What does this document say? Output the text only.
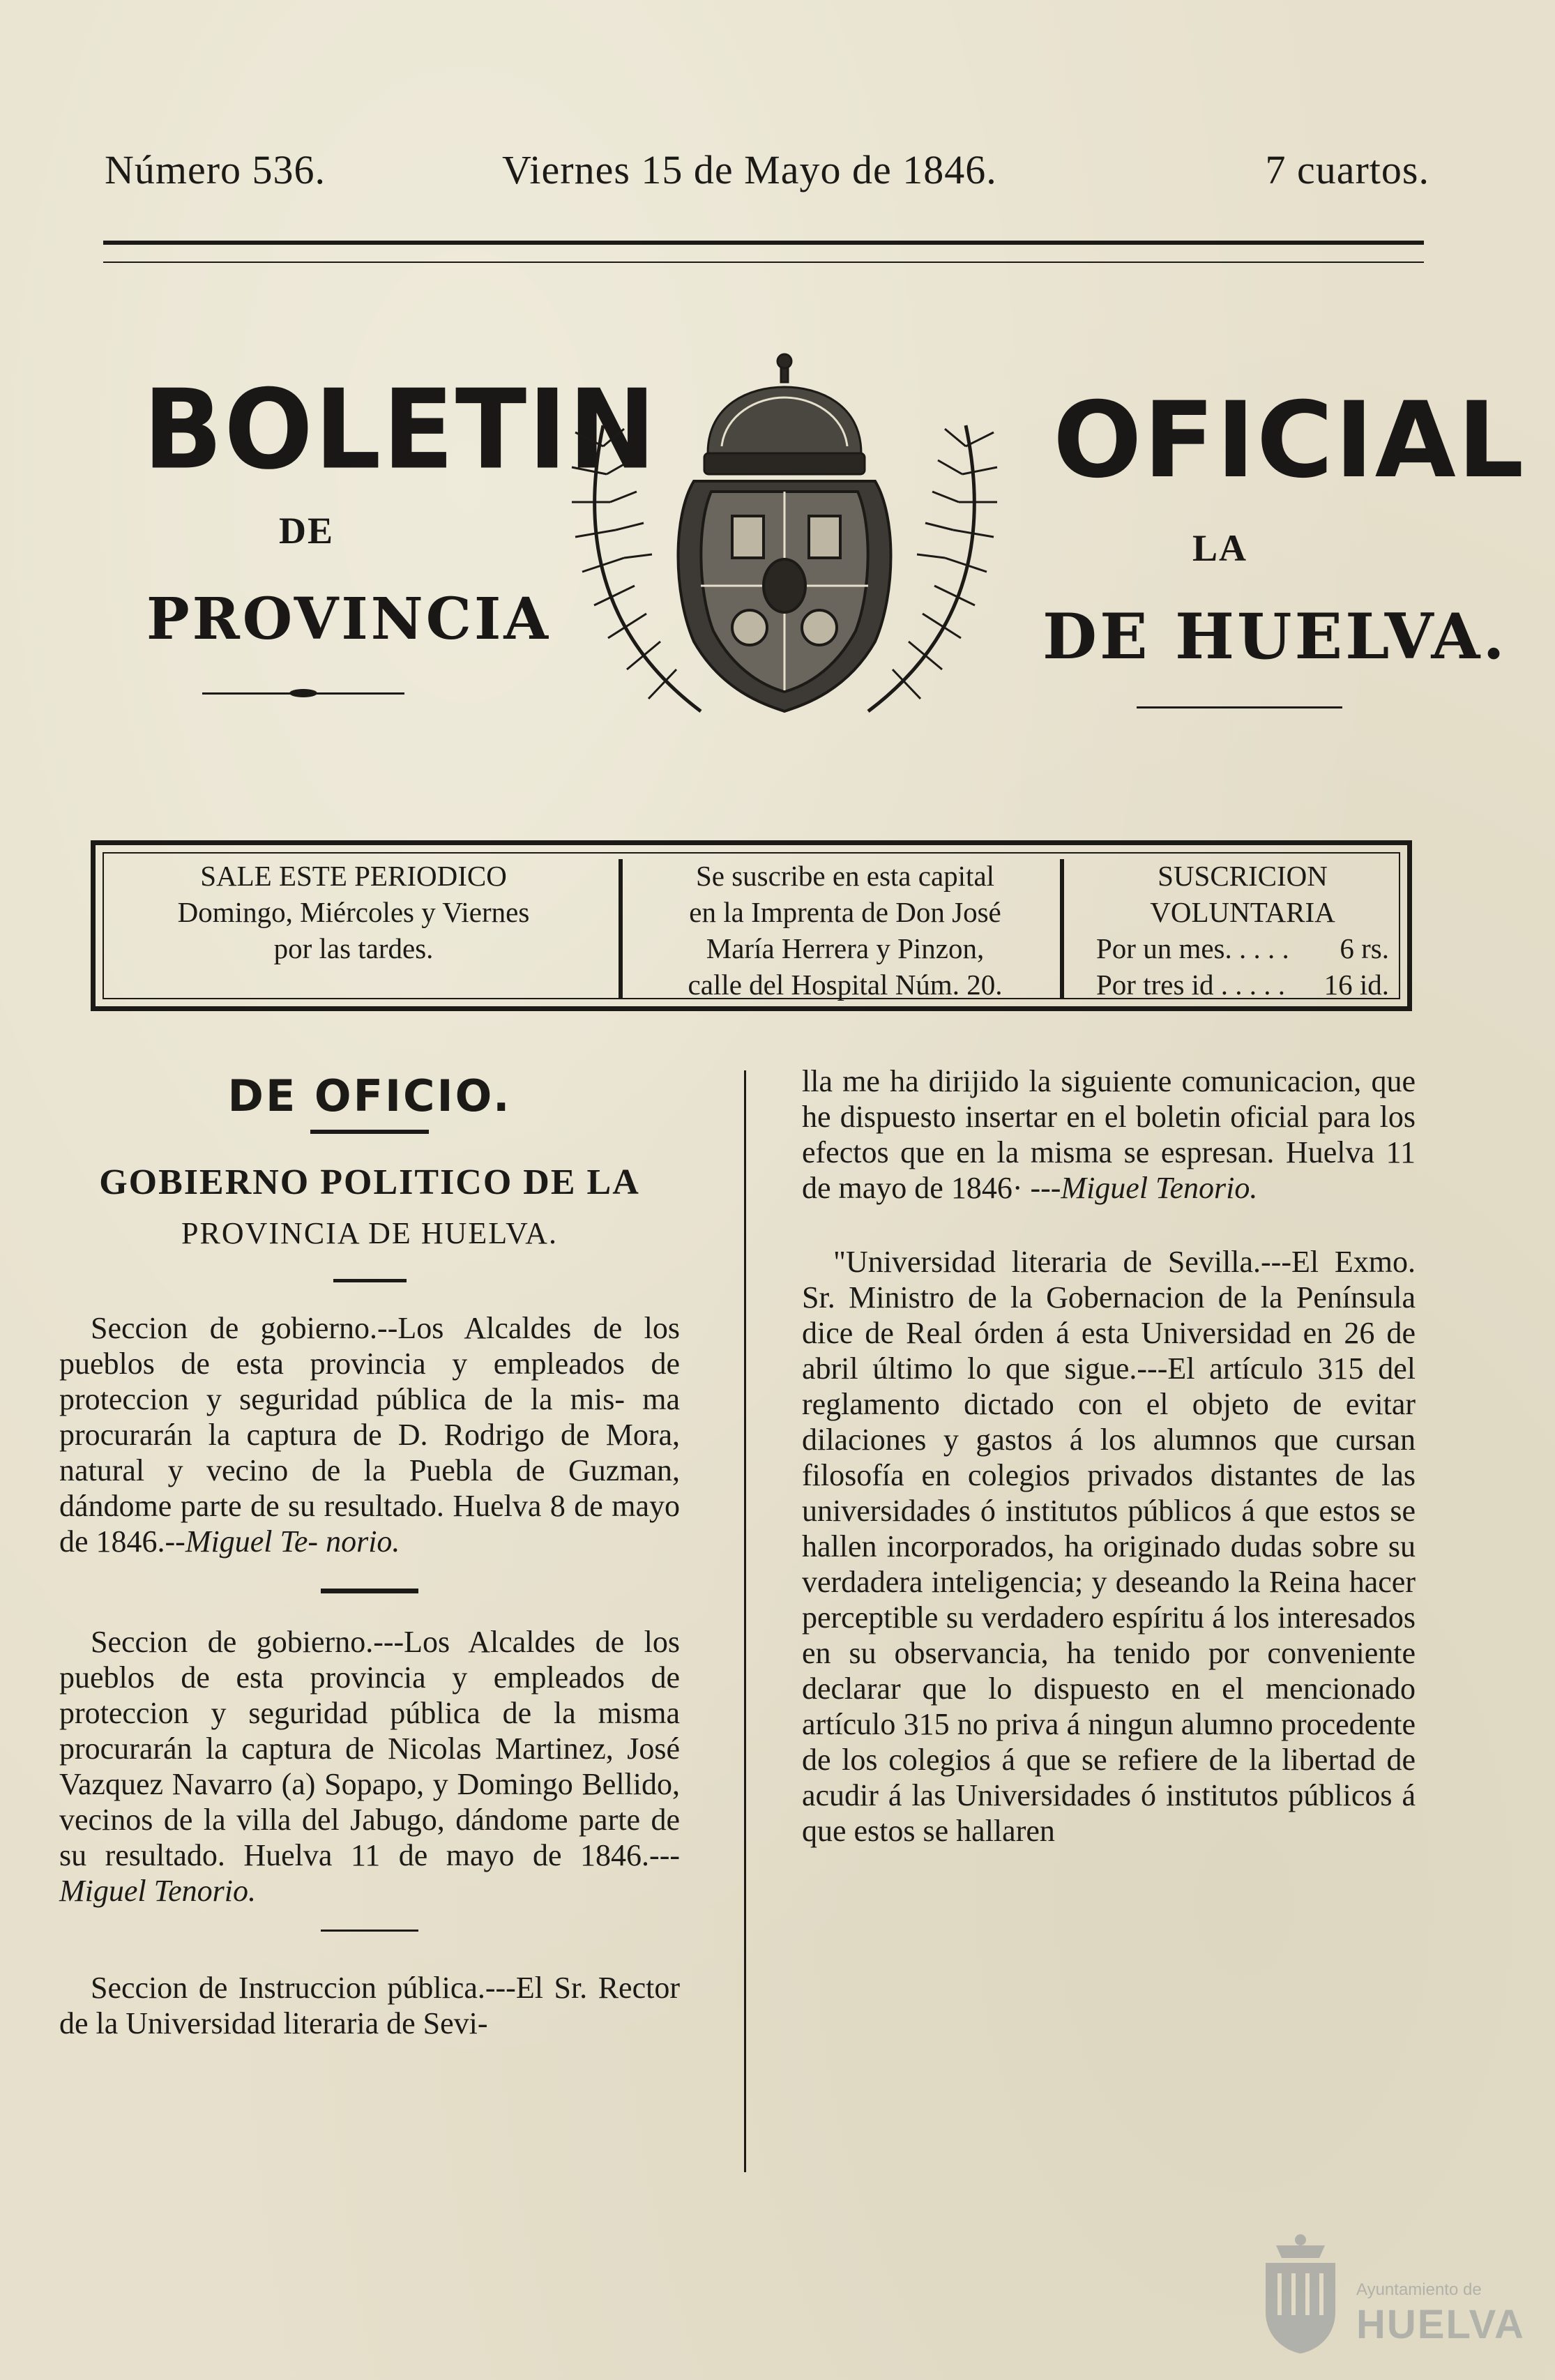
Número 536.	Viernes 15 de Mayo de 1846.	7 cuartos.
BOLETIN
DE
PROVINCIA
OFICIAL
LA
DE HUELVA.
SALE ESTE PERIODICO
Domingo, Miércoles y Viernes
por las tardes.
Se suscribe en esta capital
en la Imprenta de Don José
María Herrera y Pinzon,
calle del Hospital Núm. 20.
SUSCRICION VOLUNTARIA
Por un mes. . . . . 6 rs.
Por tres id . . . . . 16 id.
DE OFICIO.
GOBIERNO POLITICO DE LA
PROVINCIA DE HUELVA.

Seccion de gobierno.--Los Alcaldes de los pueblos de esta provincia y empleados de proteccion y seguridad pública de la mis- ma procurarán la captura de D. Rodrigo de Mora, natural y vecino de la Puebla de Guzman, dándome parte de su resultado. Huelva 8 de mayo de 1846.--Miguel Te- norio.

Seccion de gobierno.---Los Alcaldes de los pueblos de esta provincia y empleados de proteccion y seguridad pública de la misma procurarán la captura de Nicolas Martinez, José Vazquez Navarro (a) Sopapo, y Domingo Bellido, vecinos de la villa del Jabugo, dándome parte de su resultado. Huelva 11 de mayo de 1846.--- Miguel Tenorio.

Seccion de Instruccion pública.---El Sr. Rector de la Universidad literaria de Sevi-

lla me ha dirijido la siguiente comunicacion, que he dispuesto insertar en el boletin oficial para los efectos que en la misma se espresan. Huelva 11 de mayo de 1846· ---Miguel Tenorio.

"Universidad literaria de Sevilla.---El Exmo. Sr. Ministro de la Gobernacion de la Península dice de Real órden á esta Universidad en 26 de abril último lo que sigue.---El artículo 315 del reglamento dictado con el objeto de evitar dilaciones y gastos á los alumnos que cursan filosofía en colegios privados distantes de las universidades ó institutos públicos á que estos se hallen incorporados, ha originado dudas sobre su verdadera inteligencia; y deseando la Reina hacer perceptible su verdadero espíritu á los interesados en su observancia, ha tenido por conveniente declarar que lo dispuesto en el mencionado artículo 315 no priva á ningun alumno procedente de los colegios á que se refiere de la libertad de acudir á las Universidades ó institutos públicos á que estos se hallaren

Ayuntamiento de
HUELVA
